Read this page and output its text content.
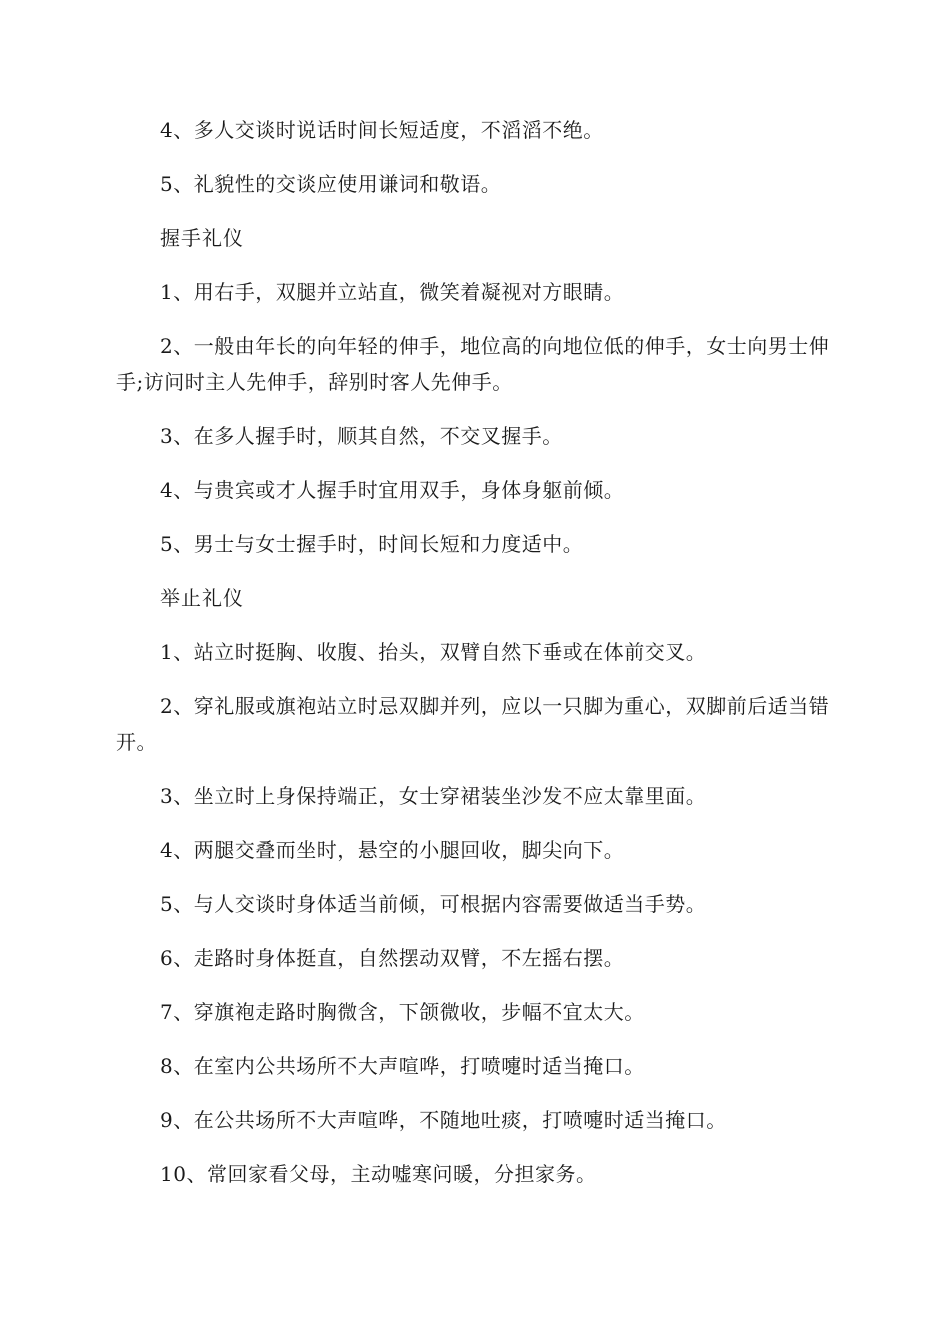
4、多人交谈时说话时间长短适度，不滔滔不绝。

5、礼貌性的交谈应使用谦词和敬语。

握手礼仪

1、用右手，双腿并立站直，微笑着凝视对方眼睛。

2、一般由年长的向年轻的伸手，地位高的向地位低的伸手，女士向男士伸手;访问时主人先伸手，辞别时客人先伸手。

3、在多人握手时，顺其自然，不交叉握手。

4、与贵宾或才人握手时宜用双手，身体身躯前倾。

5、男士与女士握手时，时间长短和力度适中。

举止礼仪

1、站立时挺胸、收腹、抬头，双臂自然下垂或在体前交叉。

2、穿礼服或旗袍站立时忌双脚并列，应以一只脚为重心，双脚前后适当错开。

3、坐立时上身保持端正，女士穿裙装坐沙发不应太靠里面。

4、两腿交叠而坐时，悬空的小腿回收，脚尖向下。

5、与人交谈时身体适当前倾，可根据内容需要做适当手势。

6、走路时身体挺直，自然摆动双臂，不左摇右摆。

7、穿旗袍走路时胸微含，下颌微收，步幅不宜太大。

8、在室内公共场所不大声喧哗，打喷嚏时适当掩口。

9、在公共场所不大声喧哗，不随地吐痰，打喷嚏时适当掩口。

10、常回家看父母，主动嘘寒问暖，分担家务。
